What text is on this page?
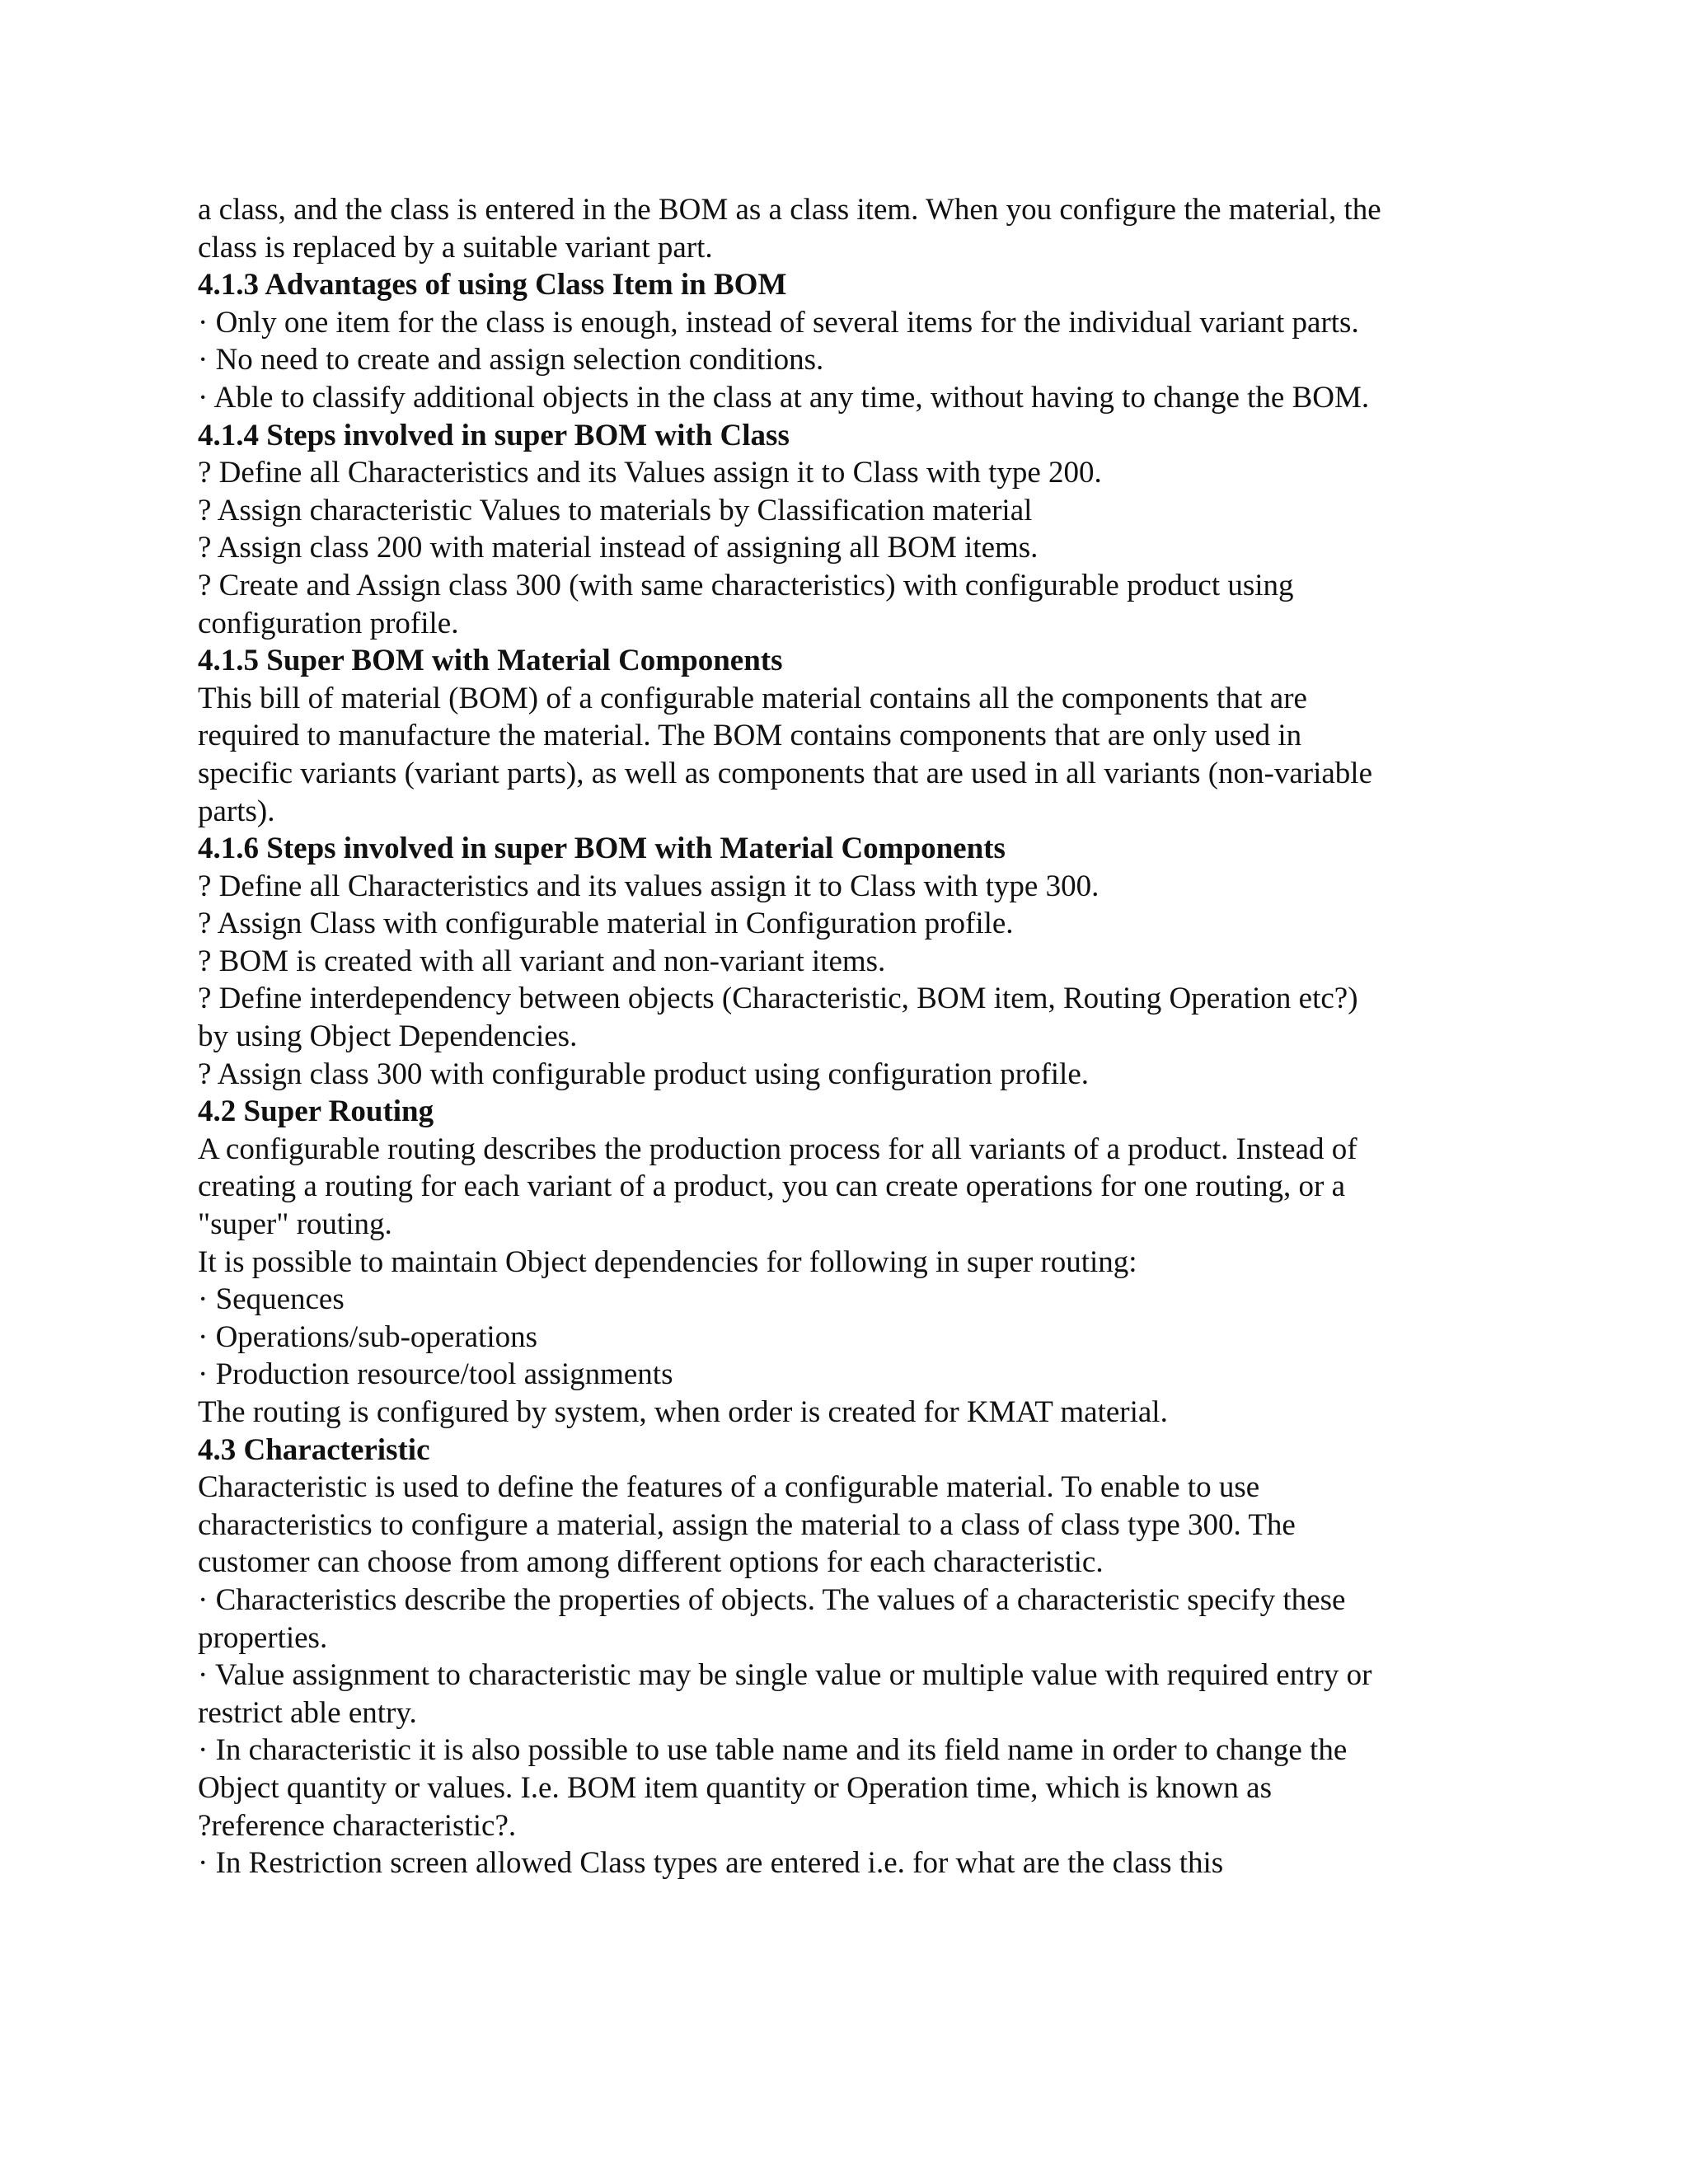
a class, and the class is entered in the BOM as a class item. When you configure the material, the

class is replaced by a suitable variant part.

4.1.3 Advantages of using Class Item in BOM

· Only one item for the class is enough, instead of several items for the individual variant parts.

· No need to create and assign selection conditions.

· Able to classify additional objects in the class at any time, without having to change the BOM.

4.1.4 Steps involved in super BOM with Class

? Define all Characteristics and its Values assign it to Class with type 200.

? Assign characteristic Values to materials by Classification material

? Assign class 200 with material instead of assigning all BOM items.

? Create and Assign class 300 (with same characteristics) with configurable product using

configuration profile.

4.1.5 Super BOM with Material Components

This bill of material (BOM) of a configurable material contains all the components that are

required to manufacture the material. The BOM contains components that are only used in

specific variants (variant parts), as well as components that are used in all variants (non-variable

parts).

4.1.6 Steps involved in super BOM with Material Components

? Define all Characteristics and its values assign it to Class with type 300.

? Assign Class with configurable material in Configuration profile.

? BOM is created with all variant and non-variant items.

? Define interdependency between objects (Characteristic, BOM item, Routing Operation etc?)

by using Object Dependencies.

? Assign class 300 with configurable product using configuration profile.

4.2 Super Routing

A configurable routing describes the production process for all variants of a product. Instead of

creating a routing for each variant of a product, you can create operations for one routing, or a

"super" routing.

It is possible to maintain Object dependencies for following in super routing:

· Sequences

· Operations/sub-operations

· Production resource/tool assignments

The routing is configured by system, when order is created for KMAT material.

4.3 Characteristic

Characteristic is used to define the features of a configurable material. To enable to use

characteristics to configure a material, assign the material to a class of class type 300. The

customer can choose from among different options for each characteristic.

· Characteristics describe the properties of objects. The values of a characteristic specify these

properties.

· Value assignment to characteristic may be single value or multiple value with required entry or

restrict able entry.

· In characteristic it is also possible to use table name and its field name in order to change the

Object quantity or values. I.e. BOM item quantity or Operation time, which is known as

?reference characteristic?.

· In Restriction screen allowed Class types are entered i.e. for what are the class this
